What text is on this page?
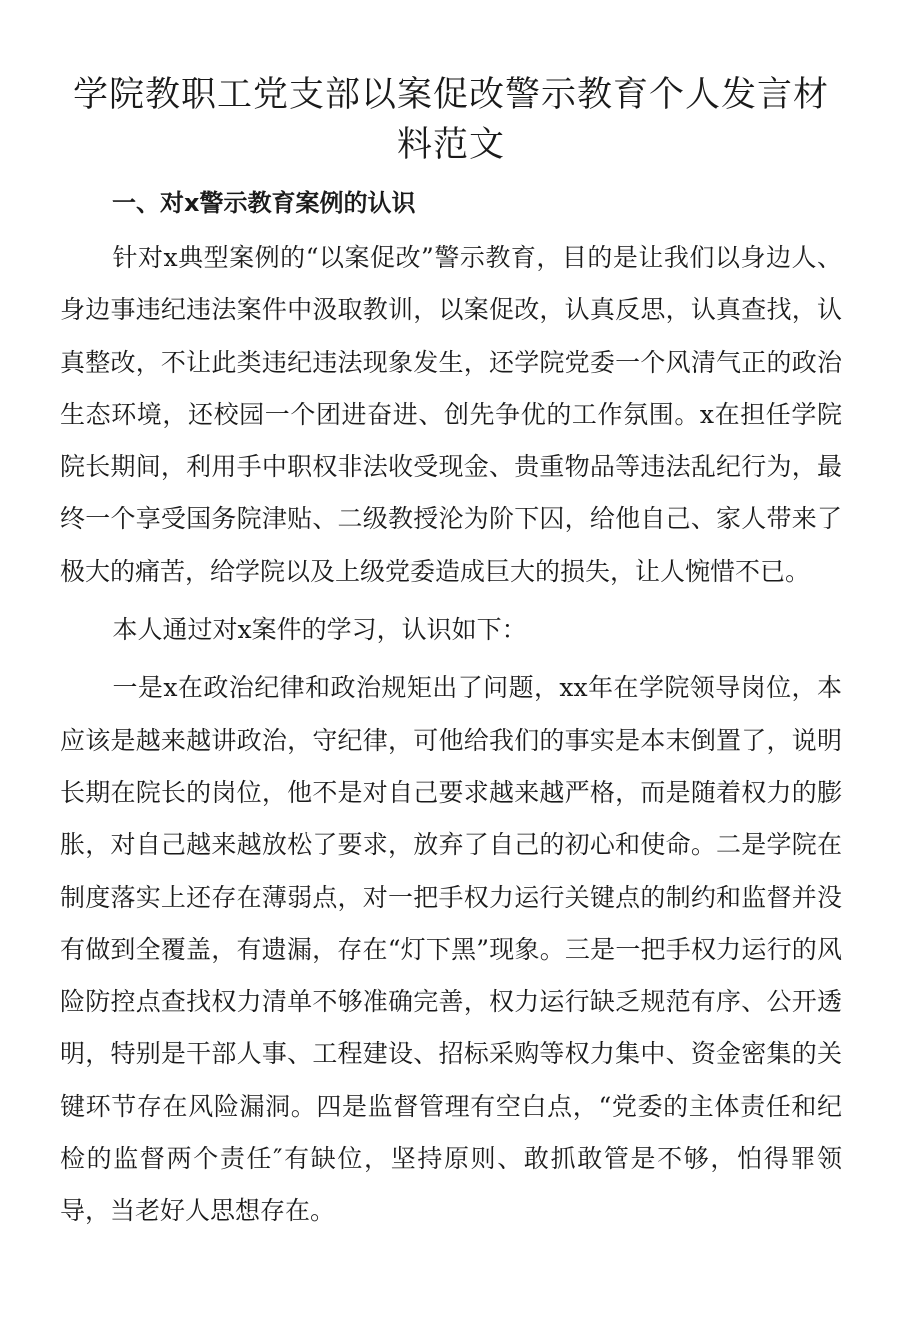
学院教职工党支部以案促改警示教育个人发言材料范文
一、对x警示教育案例的认识

针对x典型案例的“以案促改”警示教育，目的是让我们以身边人、身边事违纪违法案件中汲取教训，以案促改，认真反思，认真查找，认真整改，不让此类违纪违法现象发生，还学院党委一个风清气正的政治生态环境，还校园一个团进奋进、创先争优的工作氛围。x在担任学院院长期间，利用手中职权非法收受现金、贵重物品等违法乱纪行为，最终一个享受国务院津贴、二级教授沦为阶下囚，给他自己、家人带来了极大的痛苦，给学院以及上级党委造成巨大的损失，让人惋惜不已。

本人通过对x案件的学习，认识如下：

一是x在政治纪律和政治规矩出了问题，xx年在学院领导岗位，本应该是越来越讲政治，守纪律，可他给我们的事实是本末倒置了，说明长期在院长的岗位，他不是对自己要求越来越严格，而是随着权力的膨胀，对自己越来越放松了要求，放弃了自己的初心和使命。二是学院在制度落实上还存在薄弱点，对一把手权力运行关键点的制约和监督并没有做到全覆盖，有遗漏，存在“灯下黑”现象。三是一把手权力运行的风险防控点查找权力清单不够准确完善，权力运行缺乏规范有序、公开透明，特别是干部人事、工程建设、招标采购等权力集中、资金密集的关键环节存在风险漏洞。四是监督管理有空白点，“党委的主体责任和纪检的监督两个责任″有缺位，坚持原则、敢抓敢管是不够，怕得罪领导，当老好人思想存在。
